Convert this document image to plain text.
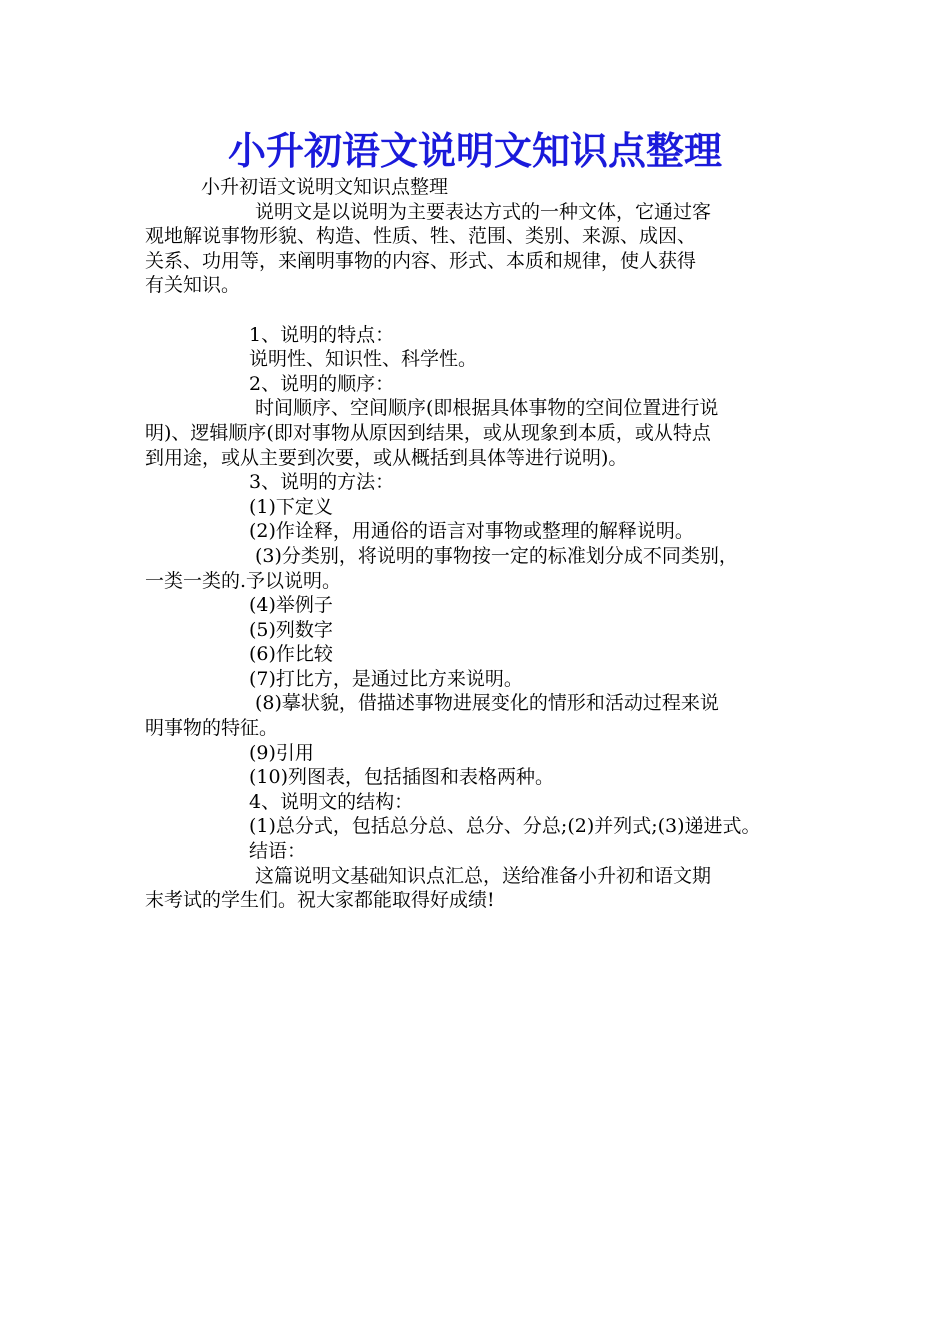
小升初语文说明文知识点整理
小升初语文说明文知识点整理
说明文是以说明为主要表达方式的一种文体，它通过客
观地解说事物形貌、构造、性质、牲、范围、类别、来源、成因、
关系、功用等，来阐明事物的内容、形式、本质和规律，使人获得
有关知识。
1、说明的特点：
说明性、知识性、科学性。
2、说明的顺序：
时间顺序、空间顺序(即根据具体事物的空间位置进行说
明)、逻辑顺序(即对事物从原因到结果，或从现象到本质，或从特点
到用途，或从主要到次要，或从概括到具体等进行说明)。
3、说明的方法：
(1)下定义
(2)作诠释，用通俗的语言对事物或整理的解释说明。
(3)分类别，将说明的事物按一定的标准划分成不同类别，
一类一类的.予以说明。
(4)举例子
(5)列数字
(6)作比较
(7)打比方，是通过比方来说明。
(8)摹状貌，借描述事物进展变化的情形和活动过程来说
明事物的特征。
(9)引用
(10)列图表，包括插图和表格两种。
4、说明文的结构：
(1)总分式，包括总分总、总分、分总;(2)并列式;(3)递进式。
结语：
这篇说明文基础知识点汇总，送给准备小升初和语文期
末考试的学生们。祝大家都能取得好成绩!
